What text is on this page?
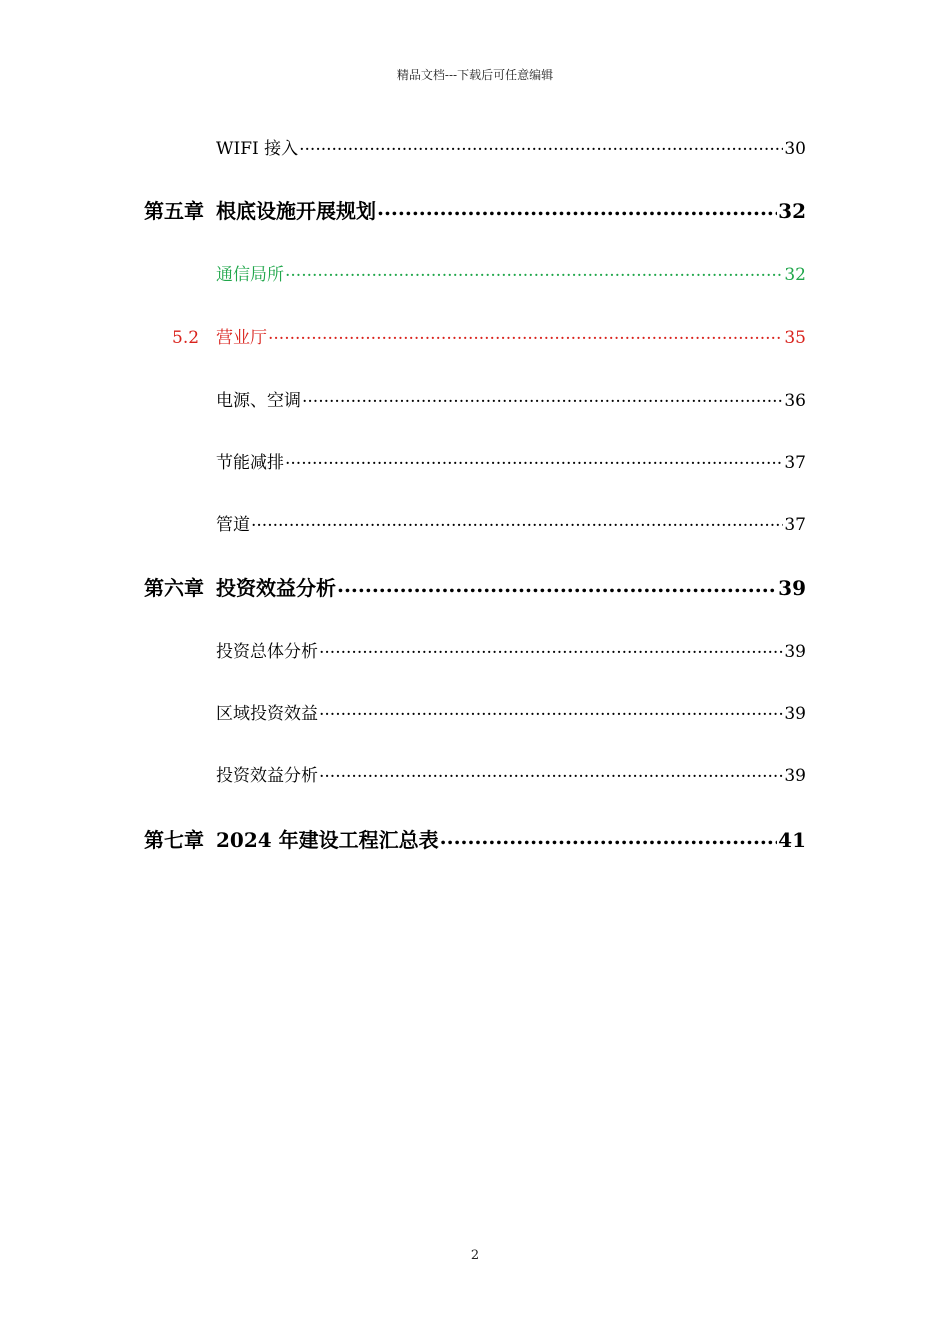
精品文档---下载后可任意编辑
WIFI 接入 .....	30
第五章 根底设施开展规划 .....	32
通信局所 .....	32
5.2 营业厅 .....	35
电源、空调 .....	36
节能减排 .....	37
管道 .....	37
第六章 投资效益分析 .....	39
投资总体分析 .....	39
区域投资效益 .....	39
投资效益分析 .....	39
第七章 2024 年建设工程汇总表 .....	41
2
